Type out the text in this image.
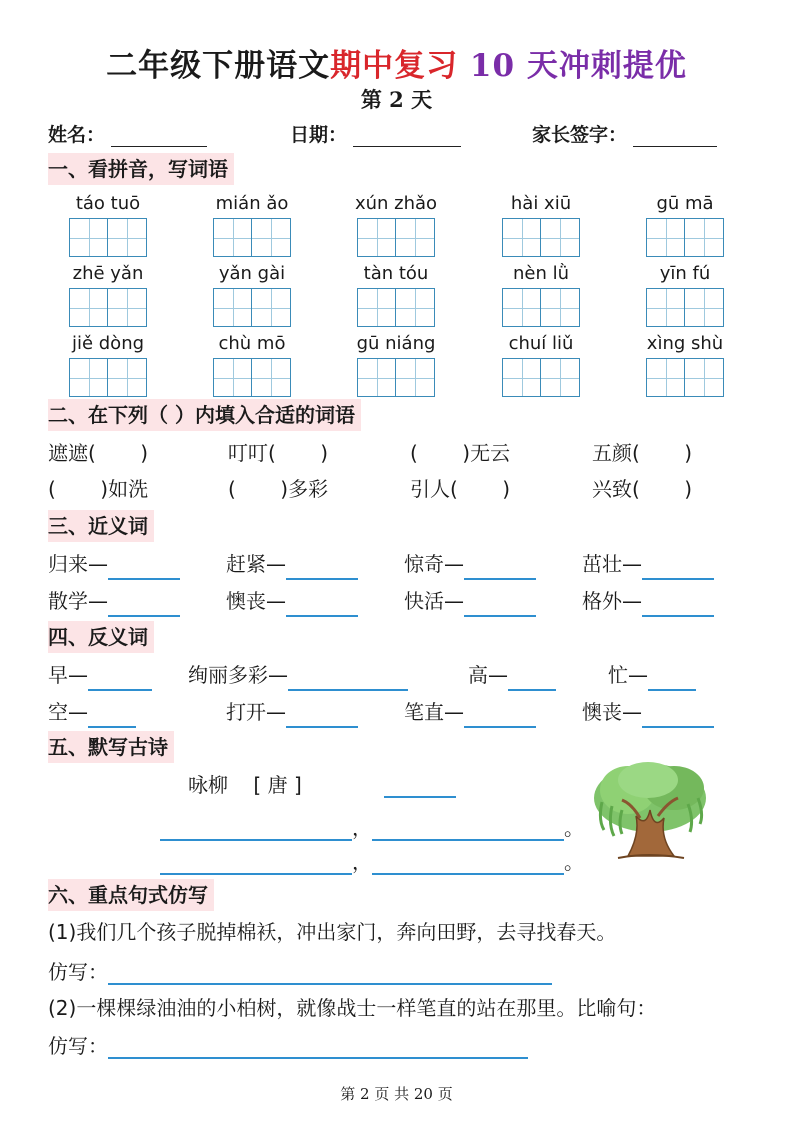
二年级下册语文期中复习 10 天冲刺提优
第 2 天
姓名：	日期：	家长签字：
一、看拼音，写词语
táo tuō	mián ǎo	xún zhǎo	hài xiū	gū mā
zhē yǎn	yǎn gài	tàn tóu	nèn lǜ	yīn fú
jiě dòng	chù mō	gū niáng	chuí liǔ	xìng shù
二、在下列（ ）内填入合适的词语
遮遮(       )	叮叮(       )	(       )无云	五颜(       )
(       )如洗	(       )多彩	引人(       )	兴致(       )
三、近义词
归来—	赶紧—	惊奇—	茁壮—
散学—	懊丧—	快活—	格外—
四、反义词
早—	绚丽多彩—	高—	忙—
空—	打开—	笔直—	懊丧—
五、默写古诗
咏柳    [ 唐 ]
，	。
，	。
六、重点句式仿写
(1)我们几个孩子脱掉棉袄，冲出家门，奔向田野，去寻找春天。
仿写：
(2)一棵棵绿油油的小柏树，就像战士一样笔直的站在那里。比喻句：
仿写：
第 2 页 共 20 页
